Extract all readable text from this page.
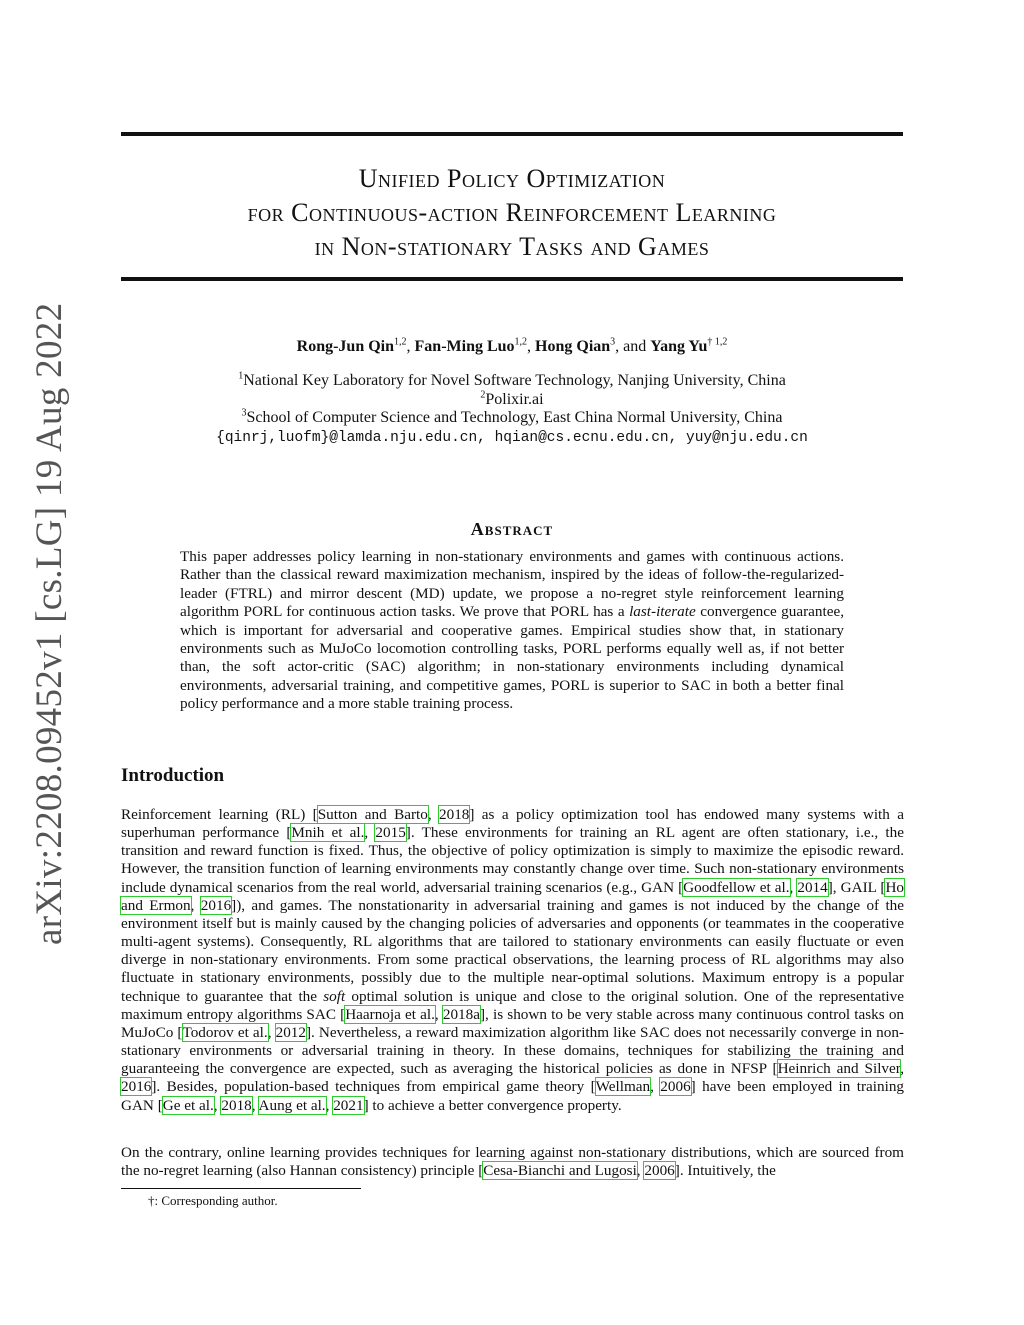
arXiv:2208.09452v1 [cs.LG] 19 Aug 2022
Unified Policy Optimization
for Continuous-action Reinforcement Learning
in Non-stationary Tasks and Games
Rong-Jun Qin$^{1,2}$, Fan-Ming Luo$^{1,2}$, Hong Qian$^3$, and Yang Yu$^{\dagger 1,2}$
$^1$National Key Laboratory for Novel Software Technology, Nanjing University, China
$^2$Polixir.ai
$^3$School of Computer Science and Technology, East China Normal University, China
{qinrj,luofm}@lamda.nju.edu.cn, hqian@cs.ecnu.edu.cn, yuy@nju.edu.cn
Abstract
This paper addresses policy learning in non-stationary environments and games with continuous actions. Rather than the classical reward maximization mechanism, inspired by the ideas of follow-the-regularized-leader (FTRL) and mirror descent (MD) update, we propose a no-regret style reinforcement learning algorithm PORL for continuous action tasks. We prove that PORL has a last-iterate convergence guarantee, which is important for adversarial and cooperative games. Empirical studies show that, in stationary environments such as MuJoCo locomotion controlling tasks, PORL performs equally well as, if not better than, the soft actor-critic (SAC) algorithm; in non-stationary environments including dynamical environments, adversarial training, and competitive games, PORL is superior to SAC in both a better final policy performance and a more stable training process.
Introduction
Reinforcement learning (RL) [Sutton and Barto, 2018] as a policy optimization tool has endowed many systems with a superhuman performance [Mnih et al., 2015]. These environments for training an RL agent are often stationary, i.e., the transition and reward function is fixed. Thus, the objective of policy optimization is simply to maximize the episodic reward. However, the transition function of learning environments may constantly change over time. Such non-stationary environments include dynamical scenarios from the real world, adversarial training scenarios (e.g., GAN [Goodfellow et al., 2014], GAIL [Ho and Ermon, 2016]), and games. The nonstationarity in adversarial training and games is not induced by the change of the environment itself but is mainly caused by the changing policies of adversaries and opponents (or teammates in the cooperative multi-agent systems). Consequently, RL algorithms that are tailored to stationary environments can easily fluctuate or even diverge in non-stationary environments. From some practical observations, the learning process of RL algorithms may also fluctuate in stationary environments, possibly due to the multiple near-optimal solutions. Maximum entropy is a popular technique to guarantee that the soft optimal solution is unique and close to the original solution. One of the representative maximum entropy algorithms SAC [Haarnoja et al., 2018a], is shown to be very stable across many continuous control tasks on MuJoCo [Todorov et al., 2012]. Nevertheless, a reward maximization algorithm like SAC does not necessarily converge in non-stationary environments or adversarial training in theory. In these domains, techniques for stabilizing the training and guaranteeing the convergence are expected, such as averaging the historical policies as done in NFSP [Heinrich and Silver, 2016]. Besides, population-based techniques from empirical game theory [Wellman, 2006] have been employed in training GAN [Ge et al., 2018, Aung et al., 2021] to achieve a better convergence property.
On the contrary, online learning provides techniques for learning against non-stationary distributions, which are sourced from the no-regret learning (also Hannan consistency) principle [Cesa-Bianchi and Lugosi, 2006]. Intuitively, the
†: Corresponding author.
